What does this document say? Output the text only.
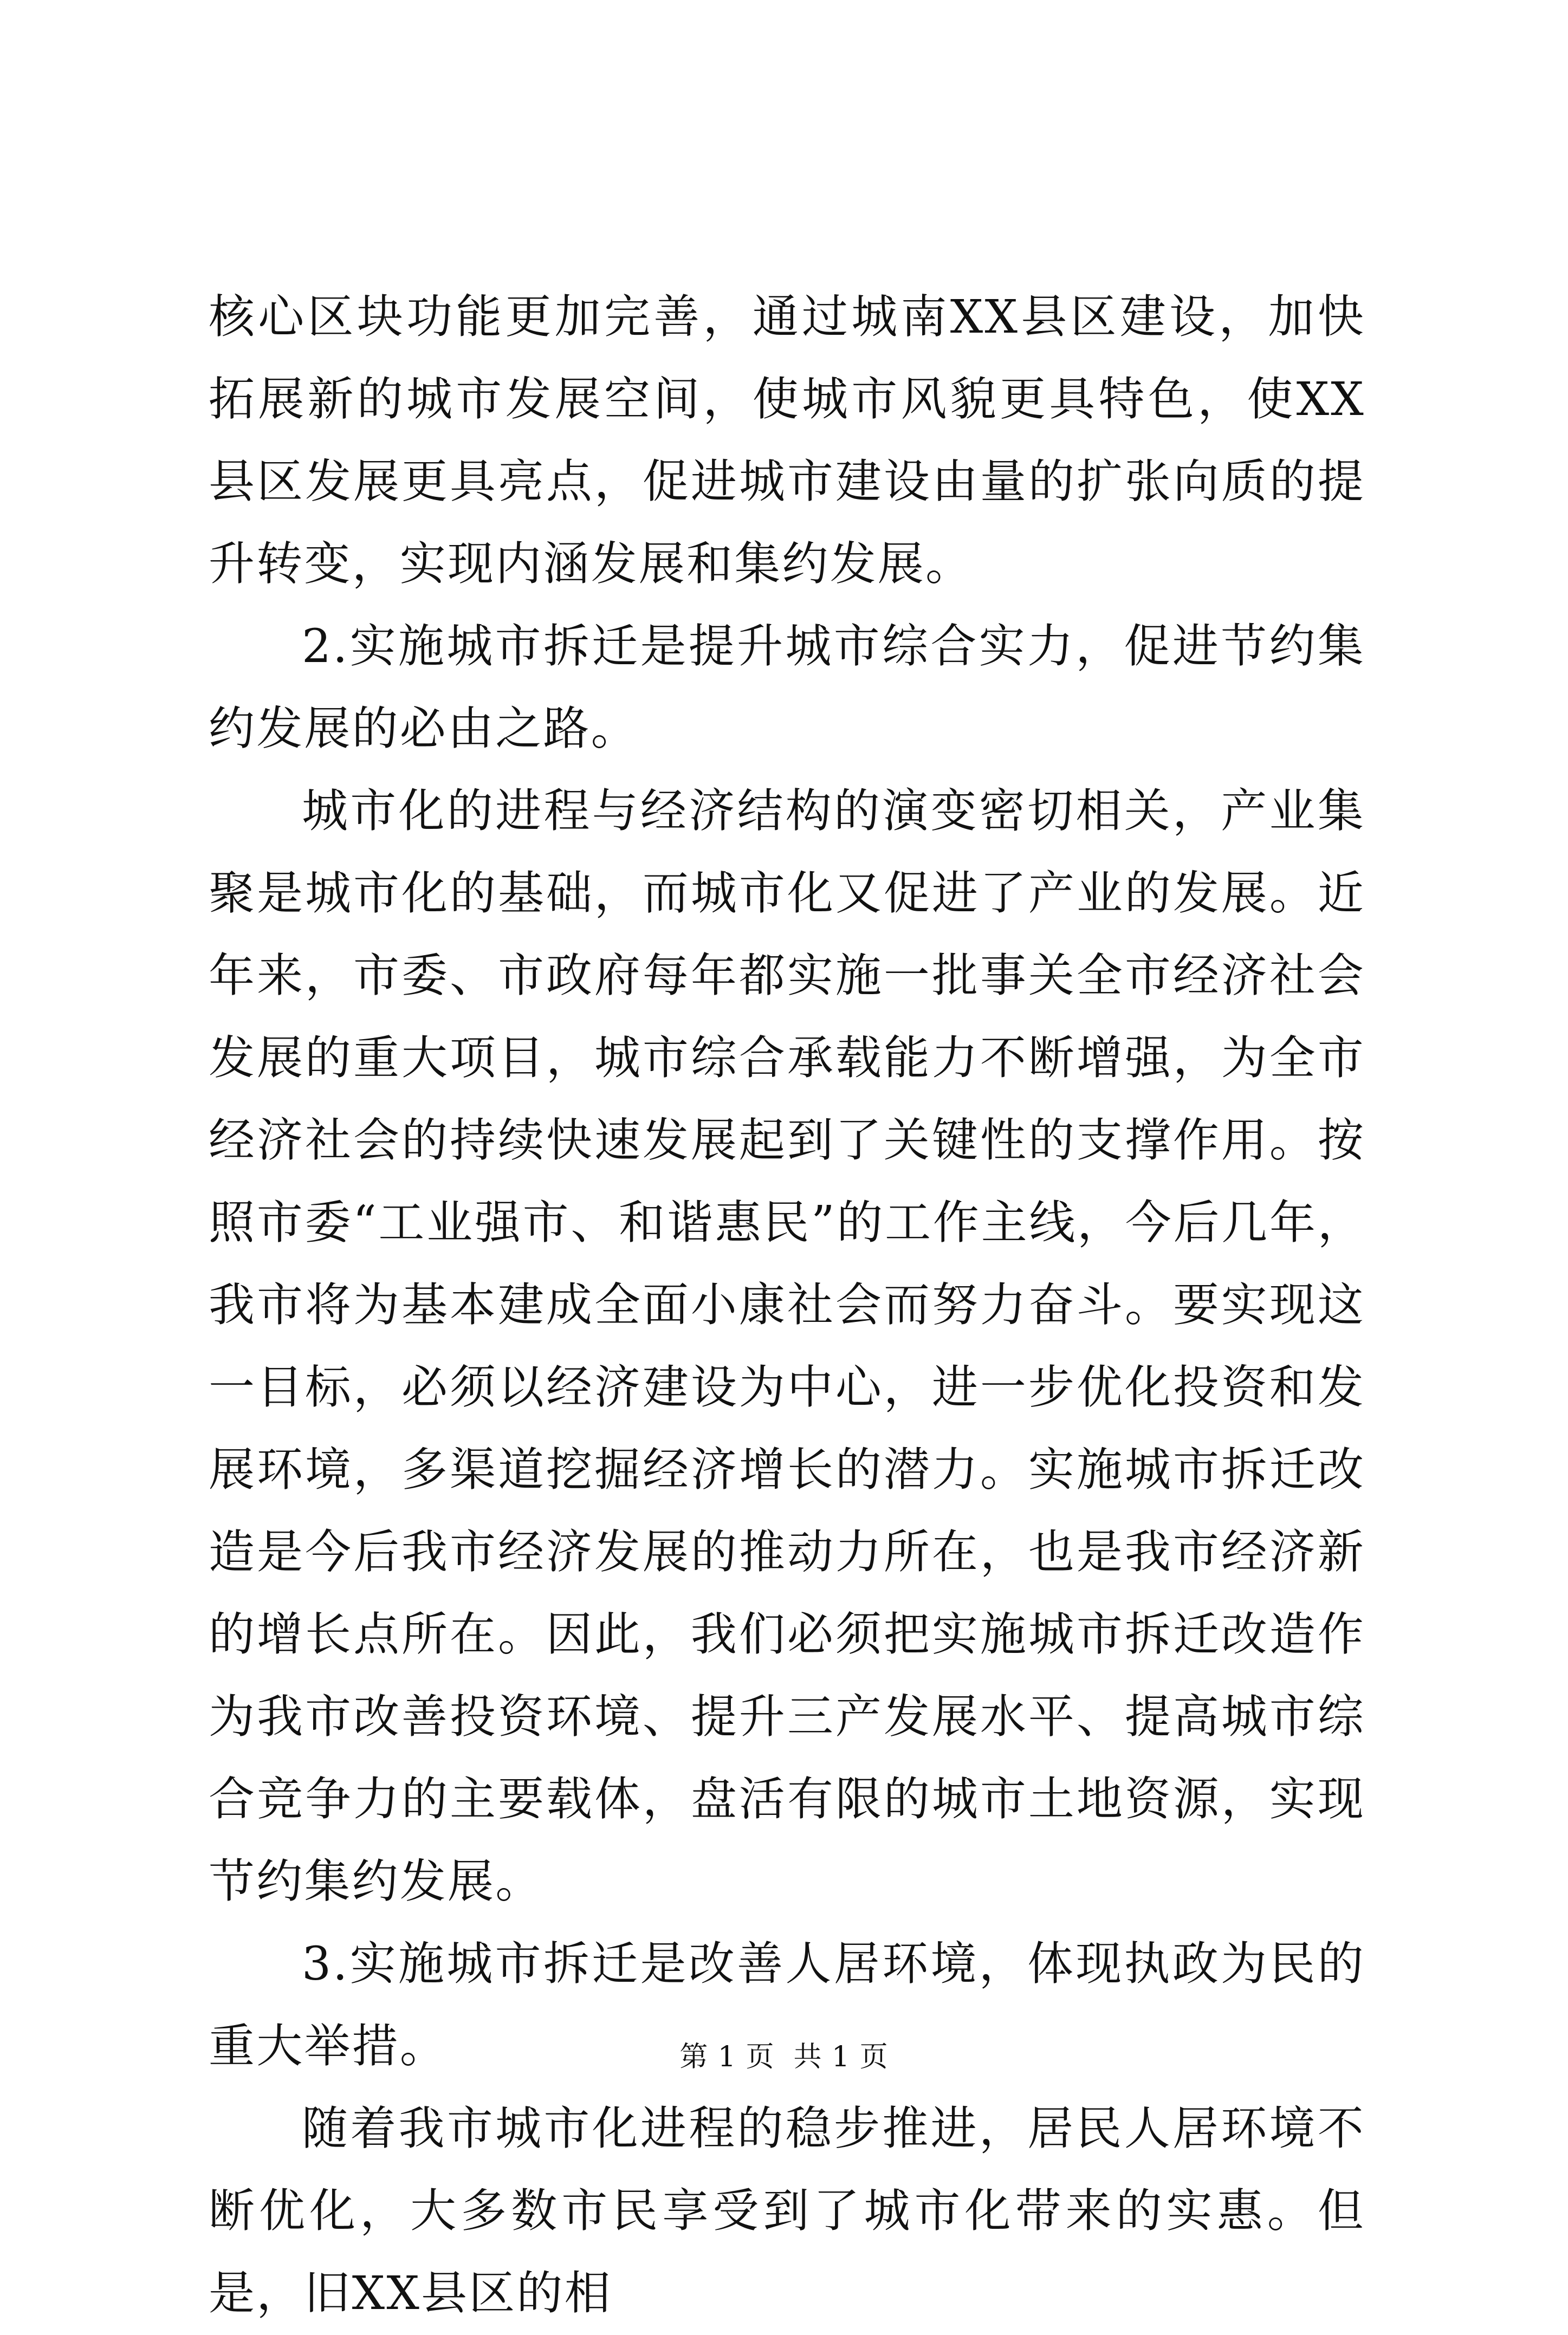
核心区块功能更加完善，通过城南XX县区建设，加快拓展新的城市发展空间，使城市风貌更具特色，使XX县区发展更具亮点，促进城市建设由量的扩张向质的提升转变，实现内涵发展和集约发展。

2.实施城市拆迁是提升城市综合实力，促进节约集约发展的必由之路。

城市化的进程与经济结构的演变密切相关，产业集聚是城市化的基础，而城市化又促进了产业的发展。近年来，市委、市政府每年都实施一批事关全市经济社会发展的重大项目，城市综合承载能力不断增强，为全市经济社会的持续快速发展起到了关键性的支撑作用。按照市委“工业强市、和谐惠民”的工作主线，今后几年，我市将为基本建成全面小康社会而努力奋斗。要实现这一目标，必须以经济建设为中心，进一步优化投资和发展环境，多渠道挖掘经济增长的潜力。实施城市拆迁改造是今后我市经济发展的推动力所在，也是我市经济新的增长点所在。因此，我们必须把实施城市拆迁改造作为我市改善投资环境、提升三产发展水平、提高城市综合竞争力的主要载体，盘活有限的城市土地资源，实现节约集约发展。

3.实施城市拆迁是改善人居环境，体现执政为民的重大举措。

随着我市城市化进程的稳步推进，居民人居环境不断优化，大多数市民享受到了城市化带来的实惠。但是，旧XX县区的相

第 1 页  共 1 页
